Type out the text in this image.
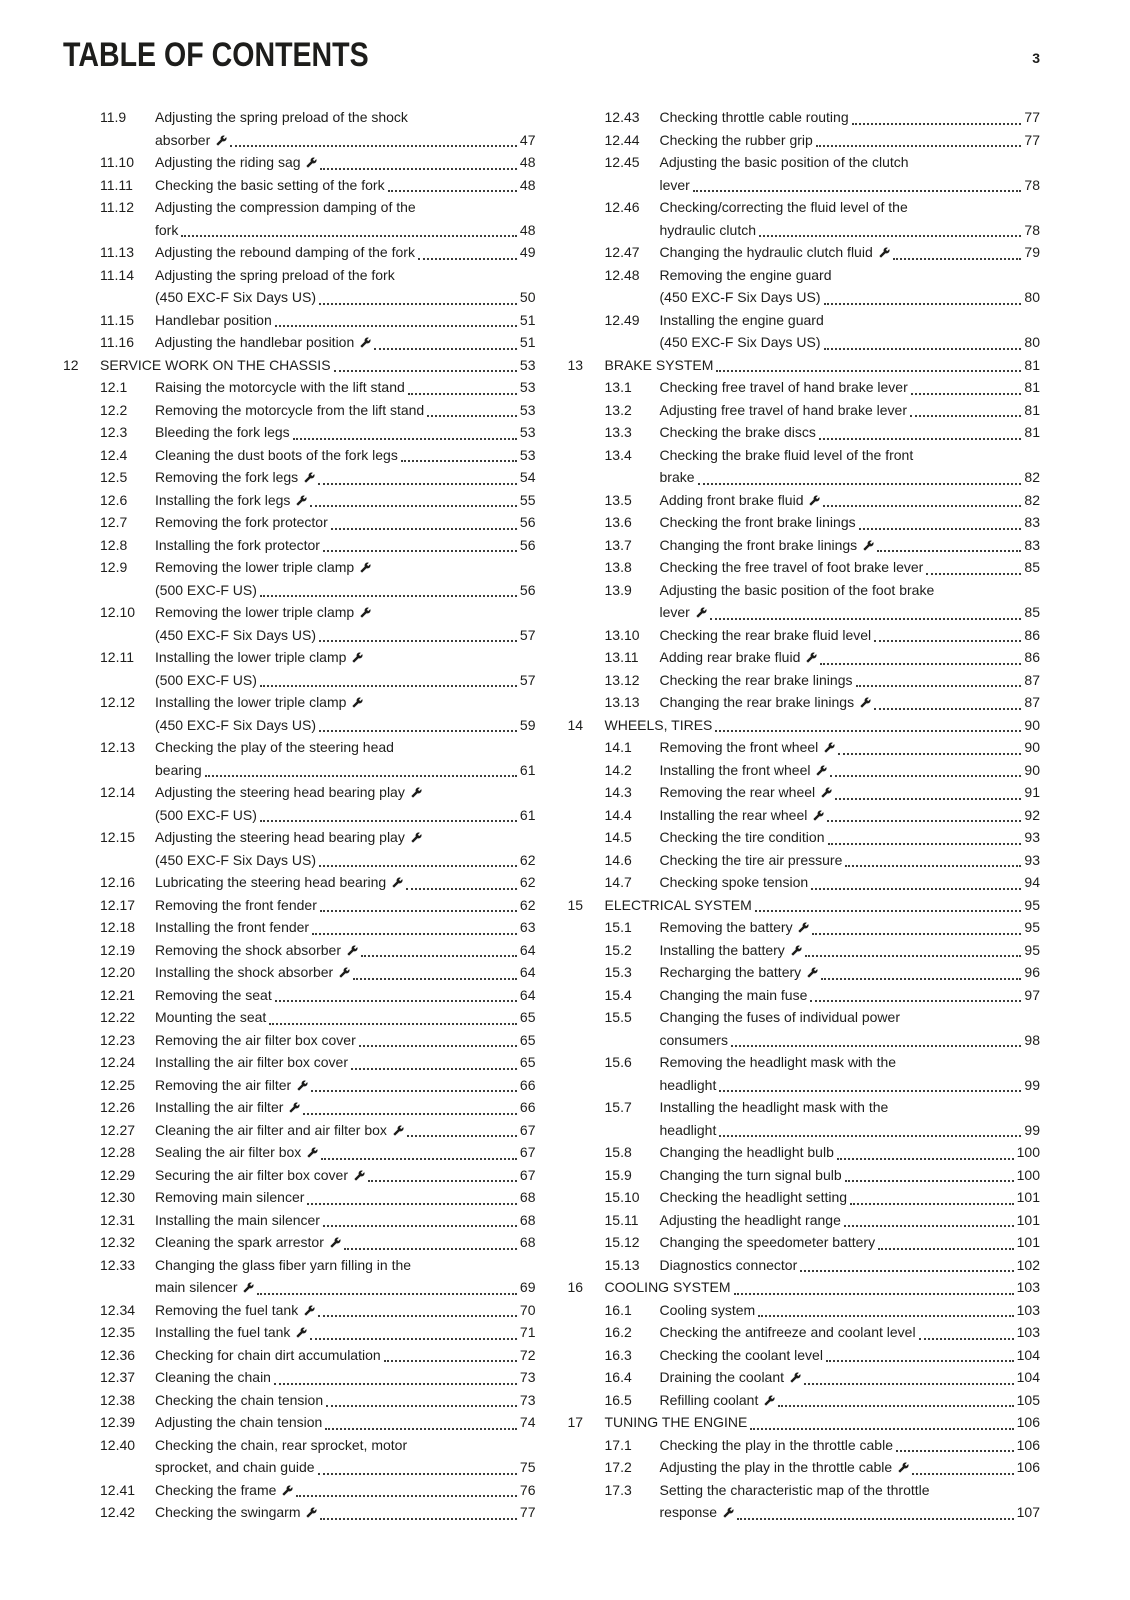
TABLE OF CONTENTS	3
11.9	Adjusting the spring preload of the shock
absorber	47
11.10	Adjusting the riding sag	48
11.11	Checking the basic setting of the fork	48
11.12	Adjusting the compression damping of the
fork	48
11.13	Adjusting the rebound damping of the fork	49
11.14	Adjusting the spring preload of the fork
(450 EXC-F Six Days US)	50
11.15	Handlebar position	51
11.16	Adjusting the handlebar position	51
12	SERVICE WORK ON THE CHASSIS	53
12.1	Raising the motorcycle with the lift stand	53
12.2	Removing the motorcycle from the lift stand	53
12.3	Bleeding the fork legs	53
12.4	Cleaning the dust boots of the fork legs	53
12.5	Removing the fork legs	54
12.6	Installing the fork legs	55
12.7	Removing the fork protector	56
12.8	Installing the fork protector	56
12.9	Removing the lower triple clamp
(500 EXC-F US)	56
12.10	Removing the lower triple clamp
(450 EXC-F Six Days US)	57
12.11	Installing the lower triple clamp
(500 EXC-F US)	57
12.12	Installing the lower triple clamp
(450 EXC-F Six Days US)	59
12.13	Checking the play of the steering head
bearing	61
12.14	Adjusting the steering head bearing play
(500 EXC-F US)	61
12.15	Adjusting the steering head bearing play
(450 EXC-F Six Days US)	62
12.16	Lubricating the steering head bearing	62
12.17	Removing the front fender	62
12.18	Installing the front fender	63
12.19	Removing the shock absorber	64
12.20	Installing the shock absorber	64
12.21	Removing the seat	64
12.22	Mounting the seat	65
12.23	Removing the air filter box cover	65
12.24	Installing the air filter box cover	65
12.25	Removing the air filter	66
12.26	Installing the air filter	66
12.27	Cleaning the air filter and air filter box	67
12.28	Sealing the air filter box	67
12.29	Securing the air filter box cover	67
12.30	Removing main silencer	68
12.31	Installing the main silencer	68
12.32	Cleaning the spark arrestor	68
12.33	Changing the glass fiber yarn filling in the
main silencer	69
12.34	Removing the fuel tank	70
12.35	Installing the fuel tank	71
12.36	Checking for chain dirt accumulation	72
12.37	Cleaning the chain	73
12.38	Checking the chain tension	73
12.39	Adjusting the chain tension	74
12.40	Checking the chain, rear sprocket, motor
sprocket, and chain guide	75
12.41	Checking the frame	76
12.42	Checking the swingarm	77
12.43	Checking throttle cable routing	77
12.44	Checking the rubber grip	77
12.45	Adjusting the basic position of the clutch
lever	78
12.46	Checking/correcting the fluid level of the
hydraulic clutch	78
12.47	Changing the hydraulic clutch fluid	79
12.48	Removing the engine guard
(450 EXC-F Six Days US)	80
12.49	Installing the engine guard
(450 EXC-F Six Days US)	80
13	BRAKE SYSTEM	81
13.1	Checking free travel of hand brake lever	81
13.2	Adjusting free travel of hand brake lever	81
13.3	Checking the brake discs	81
13.4	Checking the brake fluid level of the front
brake	82
13.5	Adding front brake fluid	82
13.6	Checking the front brake linings	83
13.7	Changing the front brake linings	83
13.8	Checking the free travel of foot brake lever	85
13.9	Adjusting the basic position of the foot brake
lever	85
13.10	Checking the rear brake fluid level	86
13.11	Adding rear brake fluid	86
13.12	Checking the rear brake linings	87
13.13	Changing the rear brake linings	87
14	WHEELS, TIRES	90
14.1	Removing the front wheel	90
14.2	Installing the front wheel	90
14.3	Removing the rear wheel	91
14.4	Installing the rear wheel	92
14.5	Checking the tire condition	93
14.6	Checking the tire air pressure	93
14.7	Checking spoke tension	94
15	ELECTRICAL SYSTEM	95
15.1	Removing the battery	95
15.2	Installing the battery	95
15.3	Recharging the battery	96
15.4	Changing the main fuse	97
15.5	Changing the fuses of individual power
consumers	98
15.6	Removing the headlight mask with the
headlight	99
15.7	Installing the headlight mask with the
headlight	99
15.8	Changing the headlight bulb	100
15.9	Changing the turn signal bulb	100
15.10	Checking the headlight setting	101
15.11	Adjusting the headlight range	101
15.12	Changing the speedometer battery	101
15.13	Diagnostics connector	102
16	COOLING SYSTEM	103
16.1	Cooling system	103
16.2	Checking the antifreeze and coolant level	103
16.3	Checking the coolant level	104
16.4	Draining the coolant	104
16.5	Refilling coolant	105
17	TUNING THE ENGINE	106
17.1	Checking the play in the throttle cable	106
17.2	Adjusting the play in the throttle cable	106
17.3	Setting the characteristic map of the throttle
response	107
